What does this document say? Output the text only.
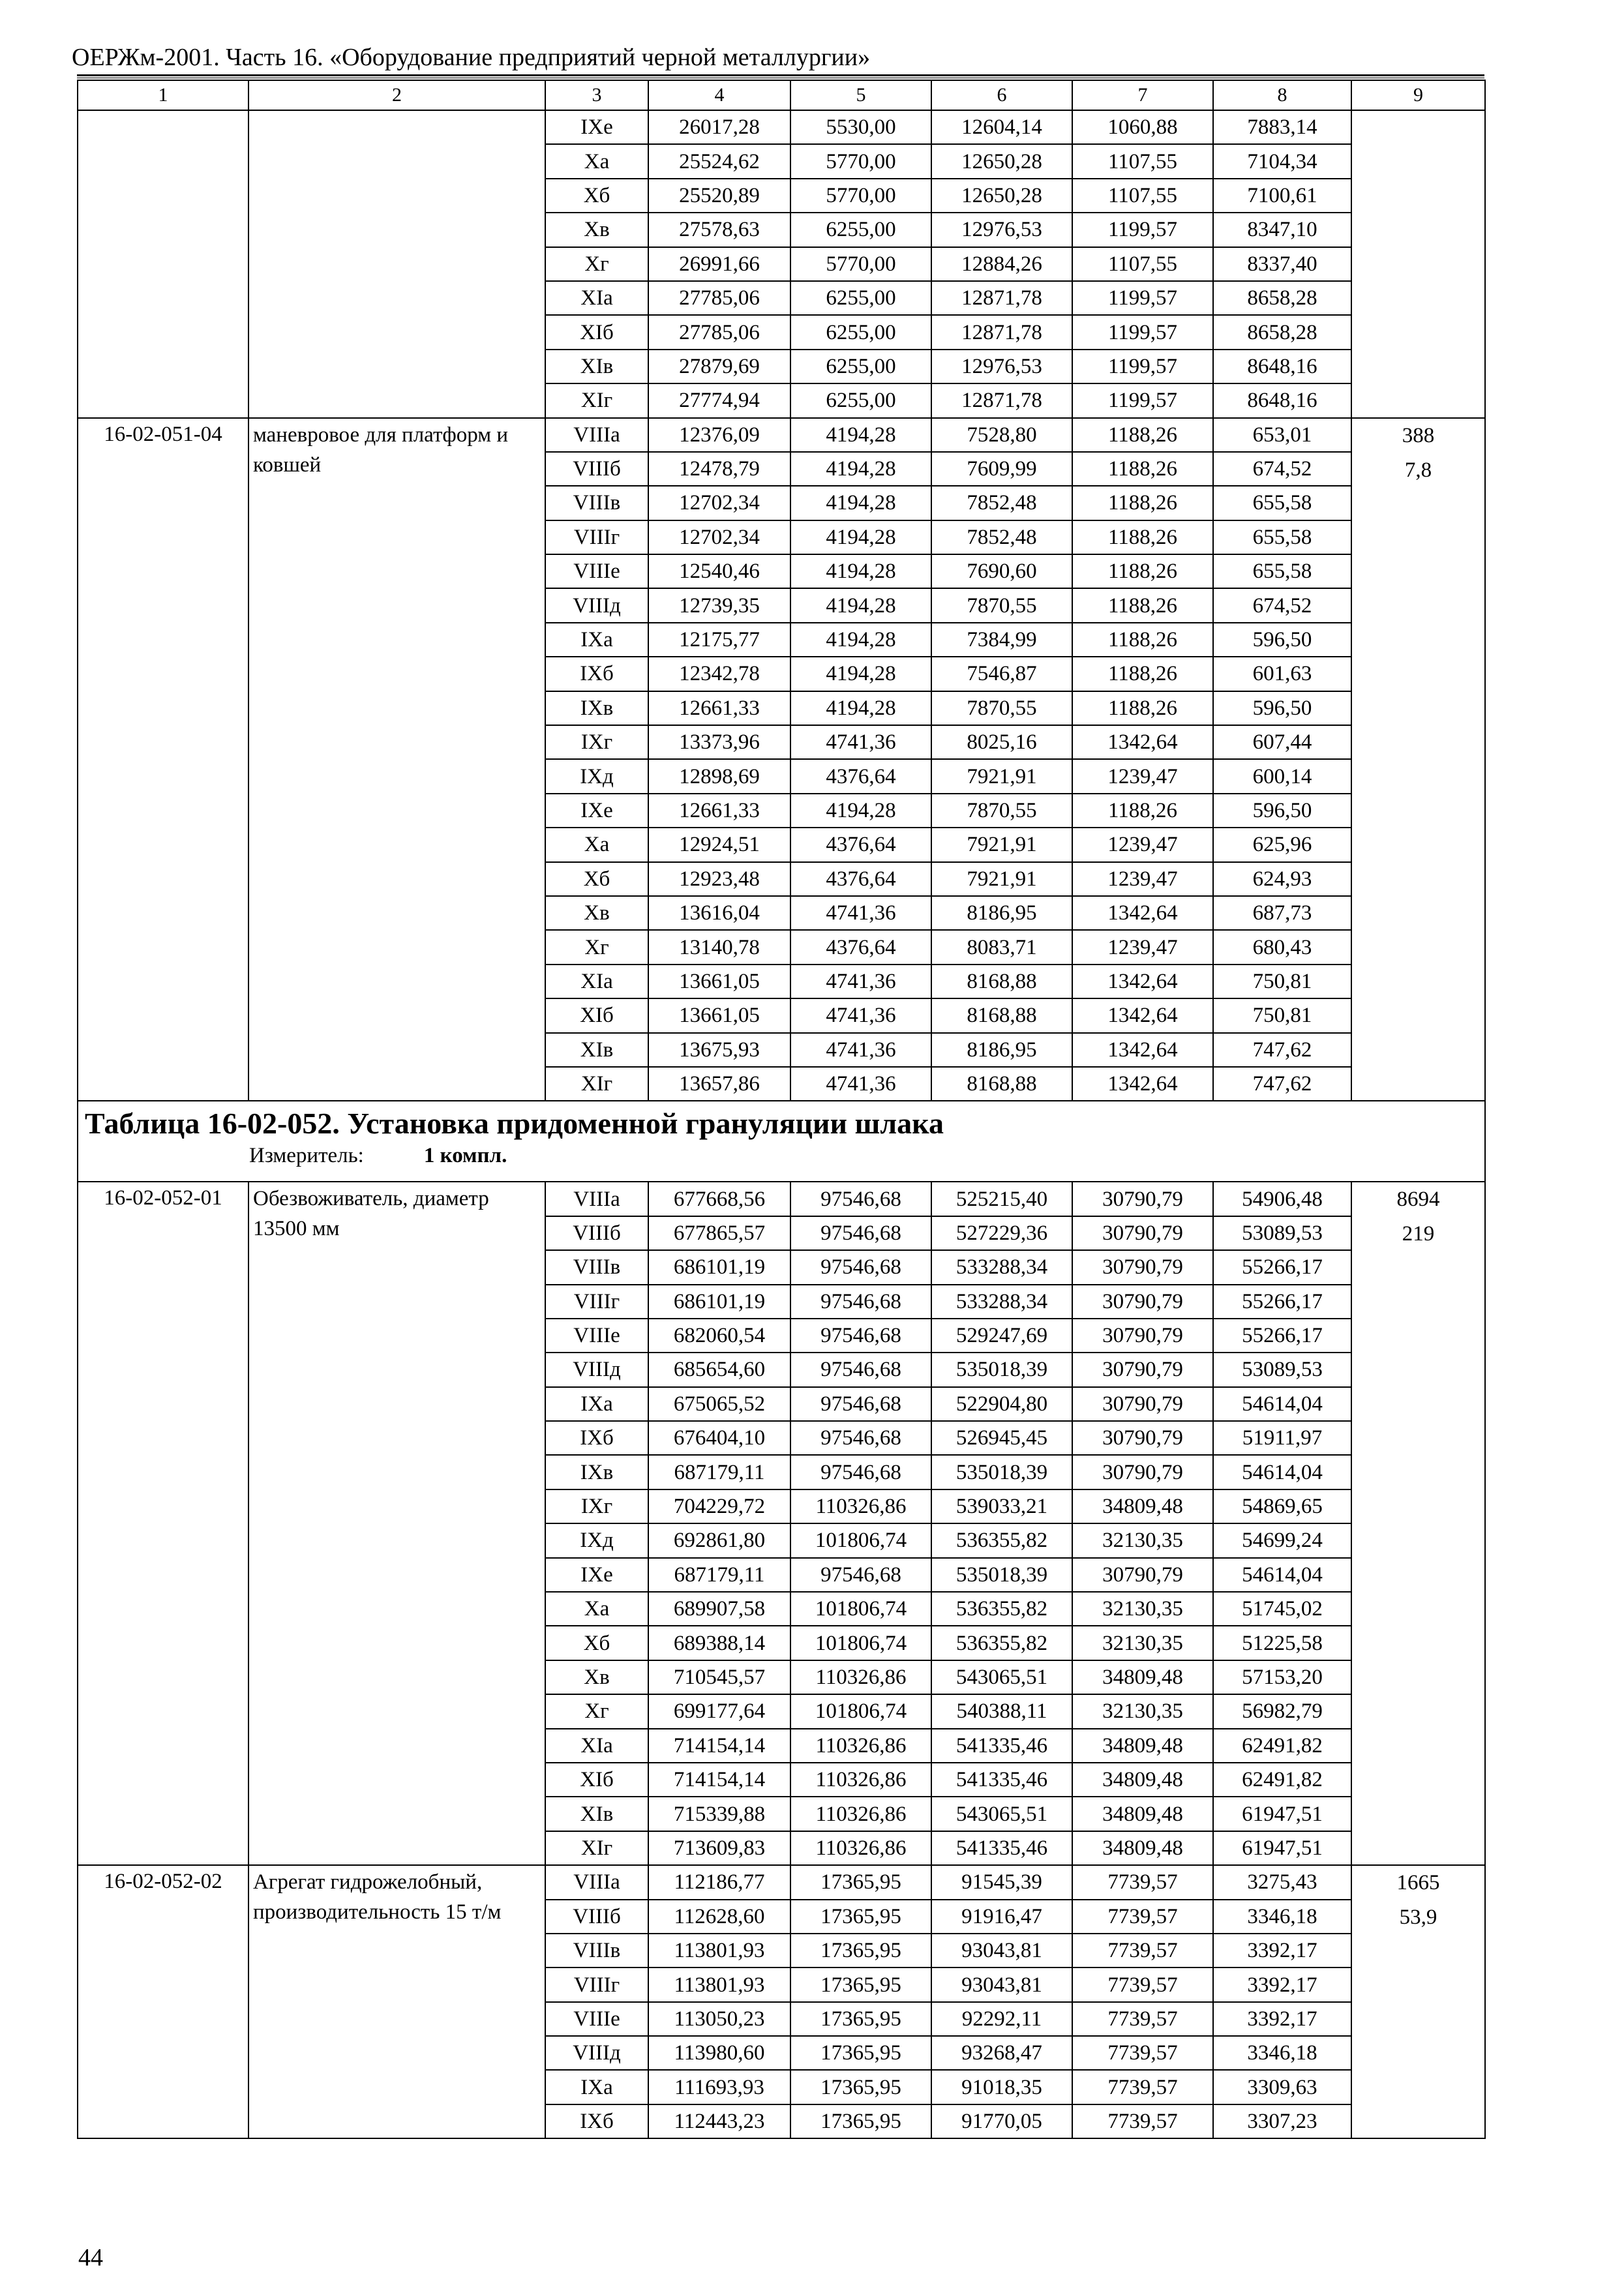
ОЕРЖм-2001. Часть 16. «Оборудование предприятий черной металлургии»
1	2	3	4	5	6	7	8	9
		IXе	26017,28	5530,00	12604,14	1060,88	7883,14	
		Xа	25524,62	5770,00	12650,28	1107,55	7104,34	
		Xб	25520,89	5770,00	12650,28	1107,55	7100,61	
		Xв	27578,63	6255,00	12976,53	1199,57	8347,10	
		Xг	26991,66	5770,00	12884,26	1107,55	8337,40	
		XIа	27785,06	6255,00	12871,78	1199,57	8658,28	
		XIб	27785,06	6255,00	12871,78	1199,57	8658,28	
		XIв	27879,69	6255,00	12976,53	1199,57	8648,16	
		XIг	27774,94	6255,00	12871,78	1199,57	8648,16	
16-02-051-04	маневровое для платформ и ковшей	VIIIа	12376,09	4194,28	7528,80	1188,26	653,01	388
7,8

		VIIIб	12478,79	4194,28	7609,99	1188,26	674,52	
		VIIIв	12702,34	4194,28	7852,48	1188,26	655,58	
		VIIIг	12702,34	4194,28	7852,48	1188,26	655,58	
		VIIIе	12540,46	4194,28	7690,60	1188,26	655,58	
		VIIIд	12739,35	4194,28	7870,55	1188,26	674,52	
		IXа	12175,77	4194,28	7384,99	1188,26	596,50	
		IXб	12342,78	4194,28	7546,87	1188,26	601,63	
		IXв	12661,33	4194,28	7870,55	1188,26	596,50	
		IXг	13373,96	4741,36	8025,16	1342,64	607,44	
		IXд	12898,69	4376,64	7921,91	1239,47	600,14	
		IXе	12661,33	4194,28	7870,55	1188,26	596,50	
		Xа	12924,51	4376,64	7921,91	1239,47	625,96	
		Xб	12923,48	4376,64	7921,91	1239,47	624,93	
		Xв	13616,04	4741,36	8186,95	1342,64	687,73	
		Xг	13140,78	4376,64	8083,71	1239,47	680,43	
		XIа	13661,05	4741,36	8168,88	1342,64	750,81	
		XIб	13661,05	4741,36	8168,88	1342,64	750,81	
		XIв	13675,93	4741,36	8186,95	1342,64	747,62	
		XIг	13657,86	4741,36	8168,88	1342,64	747,62	

Таблица 16-02-052. Установка придоменной грануляции шлака
Измеритель: 1 компл.								

16-02-052-01	Обезвоживатель, диаметр 13500 мм	VIIIа	677668,56	97546,68	525215,40	30790,79	54906,48	8694
219

		VIIIб	677865,57	97546,68	527229,36	30790,79	53089,53	
		VIIIв	686101,19	97546,68	533288,34	30790,79	55266,17	
		VIIIг	686101,19	97546,68	533288,34	30790,79	55266,17	
		VIIIе	682060,54	97546,68	529247,69	30790,79	55266,17	
		VIIIд	685654,60	97546,68	535018,39	30790,79	53089,53	
		IXа	675065,52	97546,68	522904,80	30790,79	54614,04	
		IXб	676404,10	97546,68	526945,45	30790,79	51911,97	
		IXв	687179,11	97546,68	535018,39	30790,79	54614,04	
		IXг	704229,72	110326,86	539033,21	34809,48	54869,65	
		IXд	692861,80	101806,74	536355,82	32130,35	54699,24	
		IXе	687179,11	97546,68	535018,39	30790,79	54614,04	
		Xа	689907,58	101806,74	536355,82	32130,35	51745,02	
		Xб	689388,14	101806,74	536355,82	32130,35	51225,58	
		Xв	710545,57	110326,86	543065,51	34809,48	57153,20	
		Xг	699177,64	101806,74	540388,11	32130,35	56982,79	
		XIа	714154,14	110326,86	541335,46	34809,48	62491,82	
		XIб	714154,14	110326,86	541335,46	34809,48	62491,82	
		XIв	715339,88	110326,86	543065,51	34809,48	61947,51	
		XIг	713609,83	110326,86	541335,46	34809,48	61947,51	
16-02-052-02	Агрегат гидрожелобный, производительность 15 т/м	VIIIа	112186,77	17365,95	91545,39	7739,57	3275,43	1665
53,9

		VIIIб	112628,60	17365,95	91916,47	7739,57	3346,18	
		VIIIв	113801,93	17365,95	93043,81	7739,57	3392,17	
		VIIIг	113801,93	17365,95	93043,81	7739,57	3392,17	
		VIIIе	113050,23	17365,95	92292,11	7739,57	3392,17	
		VIIIд	113980,60	17365,95	93268,47	7739,57	3346,18	
		IXа	111693,93	17365,95	91018,35	7739,57	3309,63	
		IXб	112443,23	17365,95	91770,05	7739,57	3307,23	
44
